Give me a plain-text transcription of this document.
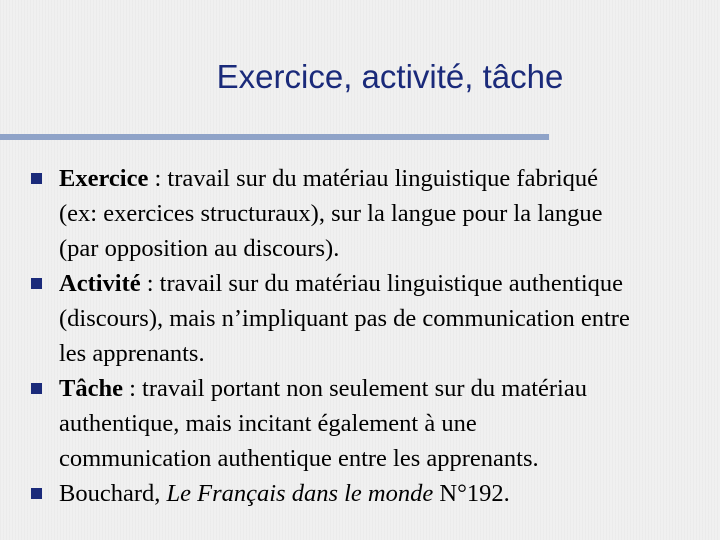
Exercice, activité, tâche
Exercice : travail sur du matériau linguistique fabriqué
(ex: exercices structuraux), sur la langue pour la langue
(par opposition au discours).
Activité : travail sur du matériau linguistique authentique
(discours), mais n’impliquant pas de communication entre
les apprenants.
Tâche : travail portant non seulement sur du matériau
authentique, mais incitant également à une
communication authentique entre les apprenants.
Bouchard, Le Français dans le monde N°192.
